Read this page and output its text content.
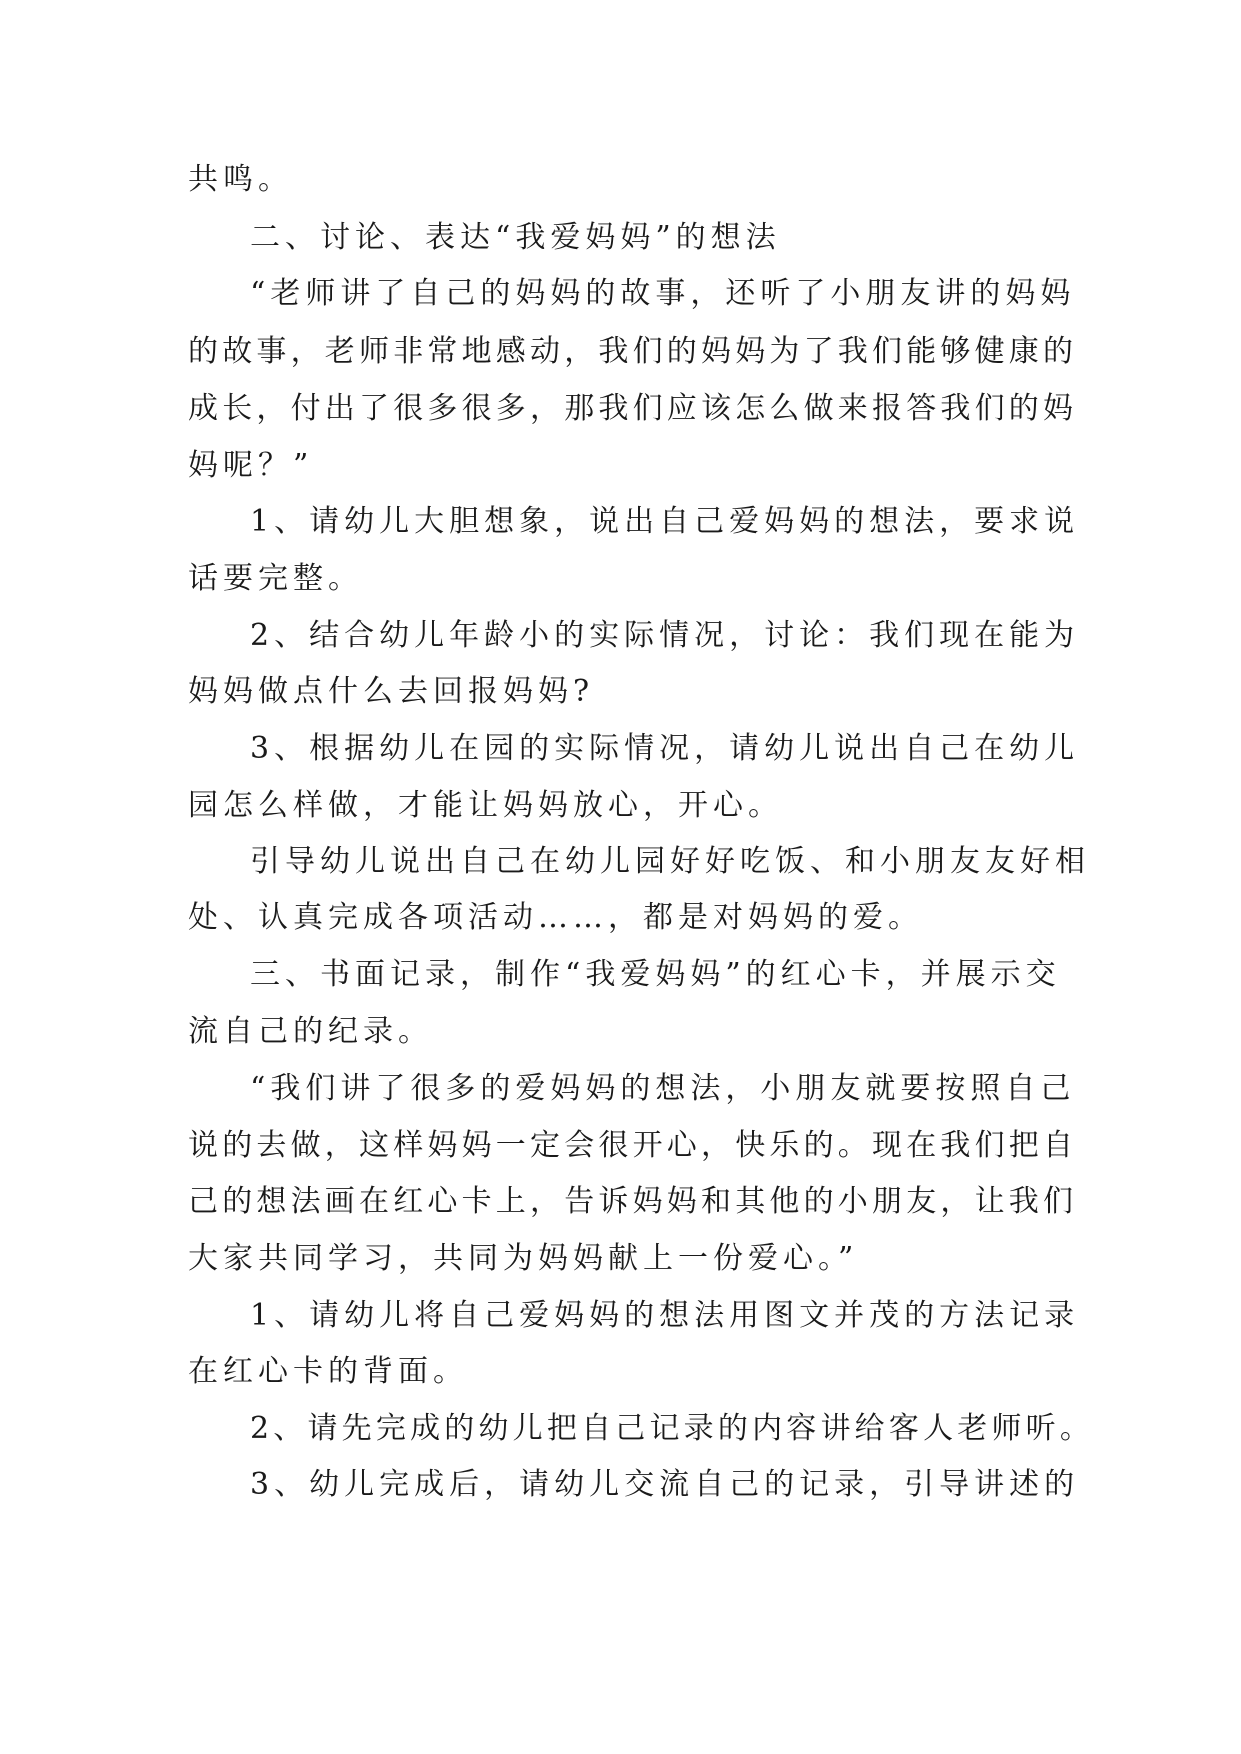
共鸣。
二、讨论、表达“我爱妈妈”的想法
“老师讲了自己的妈妈的故事，还听了小朋友讲的妈妈
的故事，老师非常地感动，我们的妈妈为了我们能够健康的
成长，付出了很多很多，那我们应该怎么做来报答我们的妈
妈呢？”
1、请幼儿大胆想象，说出自己爱妈妈的想法，要求说
话要完整。
2、结合幼儿年龄小的实际情况，讨论：我们现在能为
妈妈做点什么去回报妈妈?
3、根据幼儿在园的实际情况，请幼儿说出自己在幼儿
园怎么样做，才能让妈妈放心，开心。
引导幼儿说出自己在幼儿园好好吃饭、和小朋友友好相
处、认真完成各项活动……，都是对妈妈的爱。
三、书面记录，制作“我爱妈妈”的红心卡，并展示交
流自己的纪录。
“我们讲了很多的爱妈妈的想法，小朋友就要按照自己
说的去做，这样妈妈一定会很开心，快乐的。现在我们把自
己的想法画在红心卡上，告诉妈妈和其他的小朋友，让我们
大家共同学习，共同为妈妈献上一份爱心。”
1、请幼儿将自己爱妈妈的想法用图文并茂的方法记录
在红心卡的背面。
2、请先完成的幼儿把自己记录的内容讲给客人老师听。
3、幼儿完成后，请幼儿交流自己的记录，引导讲述的
